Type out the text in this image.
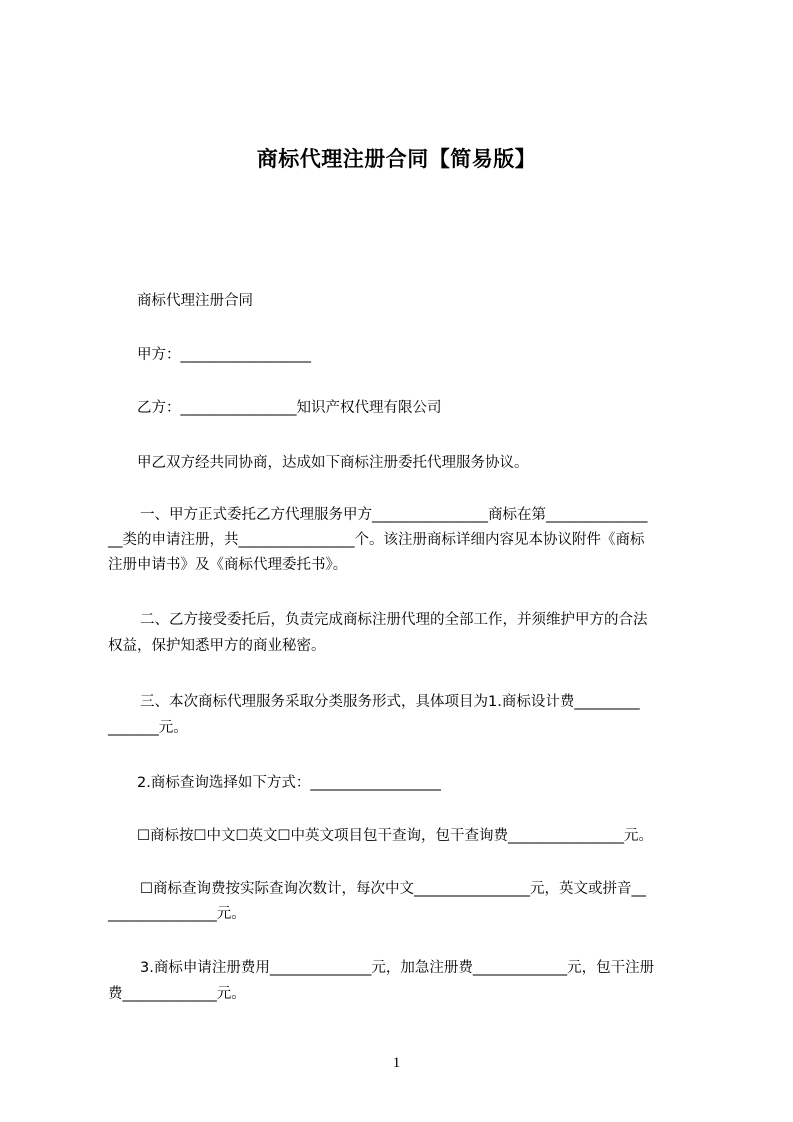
商标代理注册合同【简易版】
商标代理注册合同
甲方：__________________
乙方：________________知识产权代理有限公司
甲乙双方经共同协商，达成如下商标注册委托代理服务协议。
一、甲方正式委托乙方代理服务甲方________________商标在第______________
__类的申请注册，共________________个。该注册商标详细内容见本协议附件《商标
注册申请书》及《商标代理委托书》。
二、乙方接受委托后，负责完成商标注册代理的全部工作，并须维护甲方的合法
权益，保护知悉甲方的商业秘密。
三、本次商标代理服务采取分类服务形式，具体项目为1.商标设计费_________
_______元。
2.商标查询选择如下方式：__________________
☐商标按☐中文☐英文☐中英文项目包干查询，包干查询费________________元。
☐商标查询费按实际查询次数计，每次中文________________元，英文或拼音__
_______________元。
3.商标申请注册费用______________元，加急注册费_____________元，包干注册
费_____________元。
1
